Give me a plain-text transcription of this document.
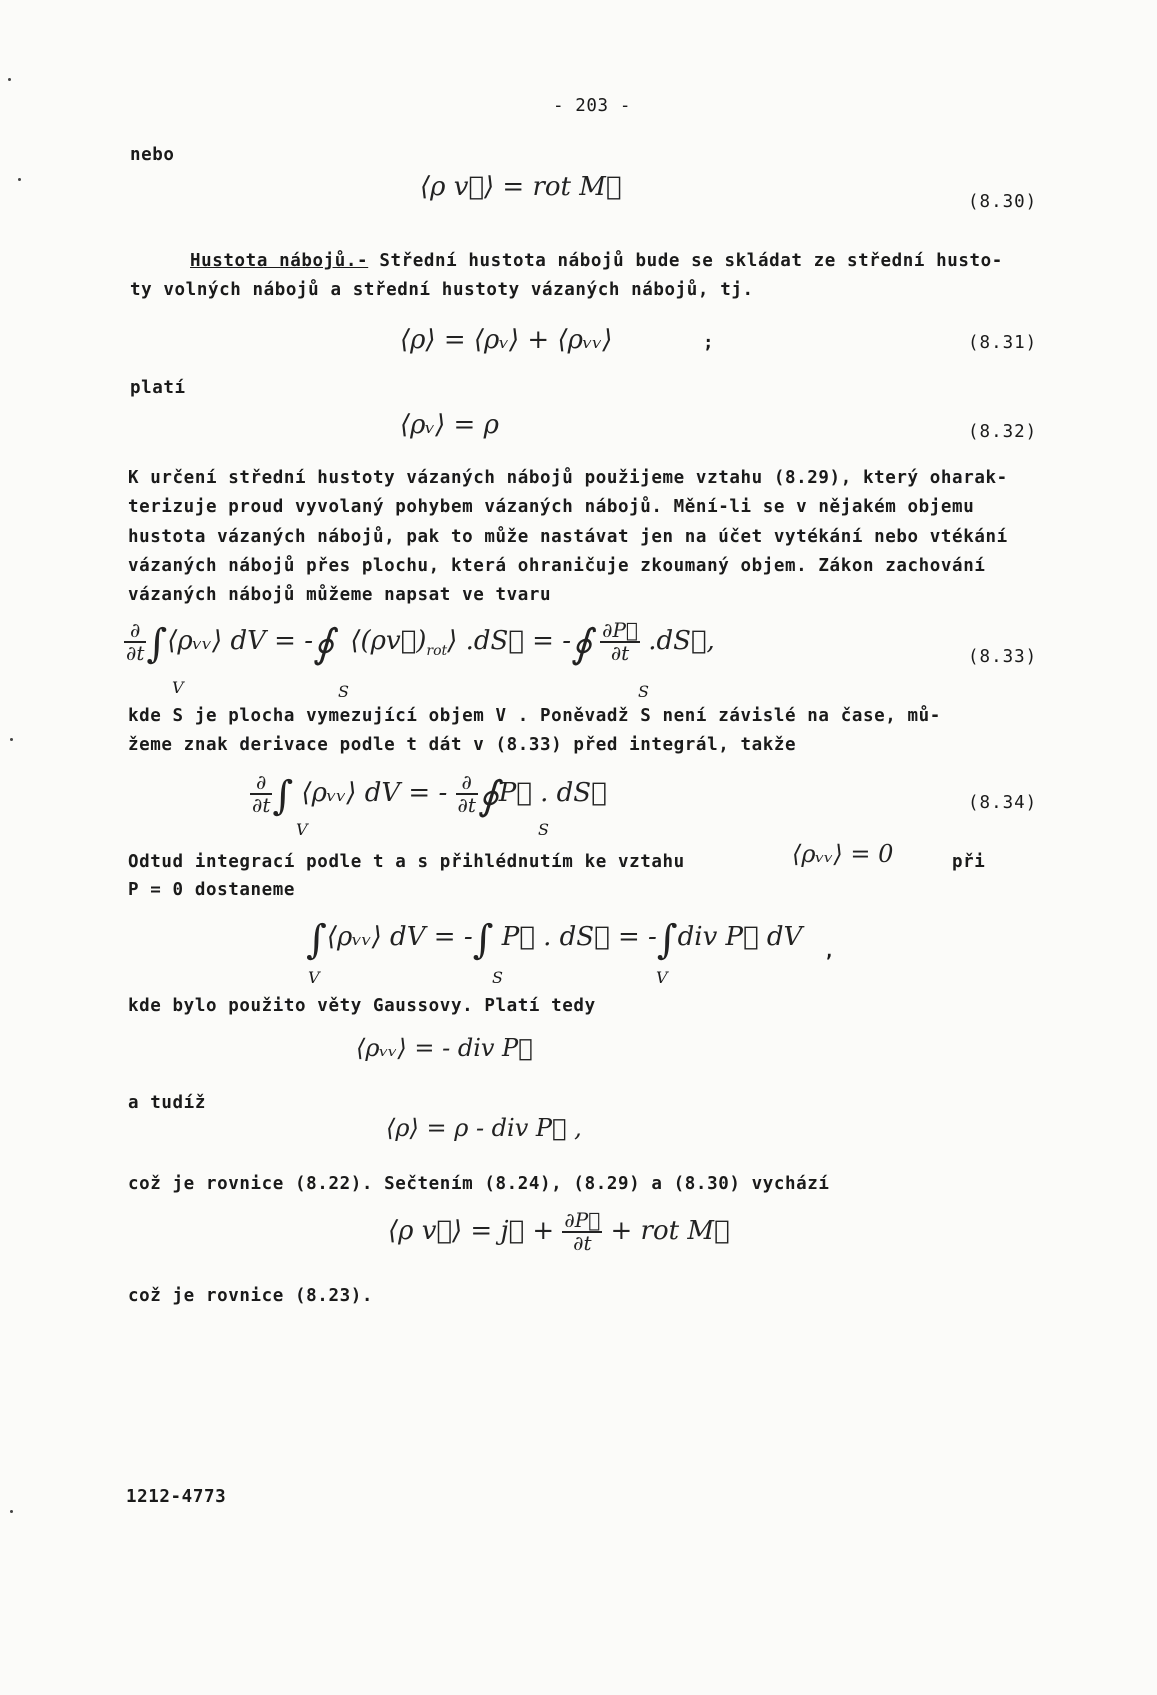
- 203 -
nebo
⟨ρ v⃗⟩ = rot M⃗	(8.30)
Hustota nábojů.- Střední hustota nábojů bude se skládat ze střední husto-
ty volných nábojů a střední hustoty vázaných nábojů, tj.
⟨ρ⟩ = ⟨ρᵥ⟩ + ⟨ρᵥᵥ⟩	;	(8.31)
platí
⟨ρᵥ⟩ = ρ	(8.32)
K určení střední hustoty vázaných nábojů použijeme vztahu (8.29), který oharak-
terizuje proud vyvolaný pohybem vázaných nábojů. Mění-li se v nějakém objemu
hustota vázaných nábojů, pak to může nastávat jen na účet vytékání nebo vtékání
vázaných nábojů přes plochu, která ohraničuje zkoumaný objem. Zákon zachování
vázaných nábojů můžeme napsat ve tvaru
$\frac{\partial}{\partial t}$ ∫⟨ρᵥᵥ⟩ dV = -∮ $⟨(\rho v⃗)_{rot}⟩$ .dS⃗ = -∮ $\frac{\partial P⃗}{\partial t}$ .dS⃗,
V	S	S
(8.33)
kde S je plocha vymezující objem V . Poněvadž S není závislé na čase, mů-
žeme znak derivace podle t dát v (8.33) před integrál, takže
$\frac{\partial}{\partial t}$ ∫ ⟨ρᵥᵥ⟩ dV = - $\frac{\partial}{\partial t}$ ∮P⃗ . dS⃗
V	S
(8.34)
Odtud integrací podle t a s přihlédnutím ke vztahu	⟨ρᵥᵥ⟩ = 0	při
P = 0 dostaneme
∫⟨ρᵥᵥ⟩ dV = -∫ P⃗ . dS⃗ = -∫div P⃗ dV
V	S	V
,
kde bylo použito věty Gaussovy. Platí tedy
⟨ρᵥᵥ⟩ = - div P⃗
a tudíž
⟨ρ⟩ = ρ - div P⃗ ,
což je rovnice (8.22). Sečtením (8.24), (8.29) a (8.30) vychází
⟨ρ v⃗⟩ = j⃗ + $\frac{\partial P⃗}{\partial t}$ + rot M⃗
což je rovnice (8.23).
1212-4773
